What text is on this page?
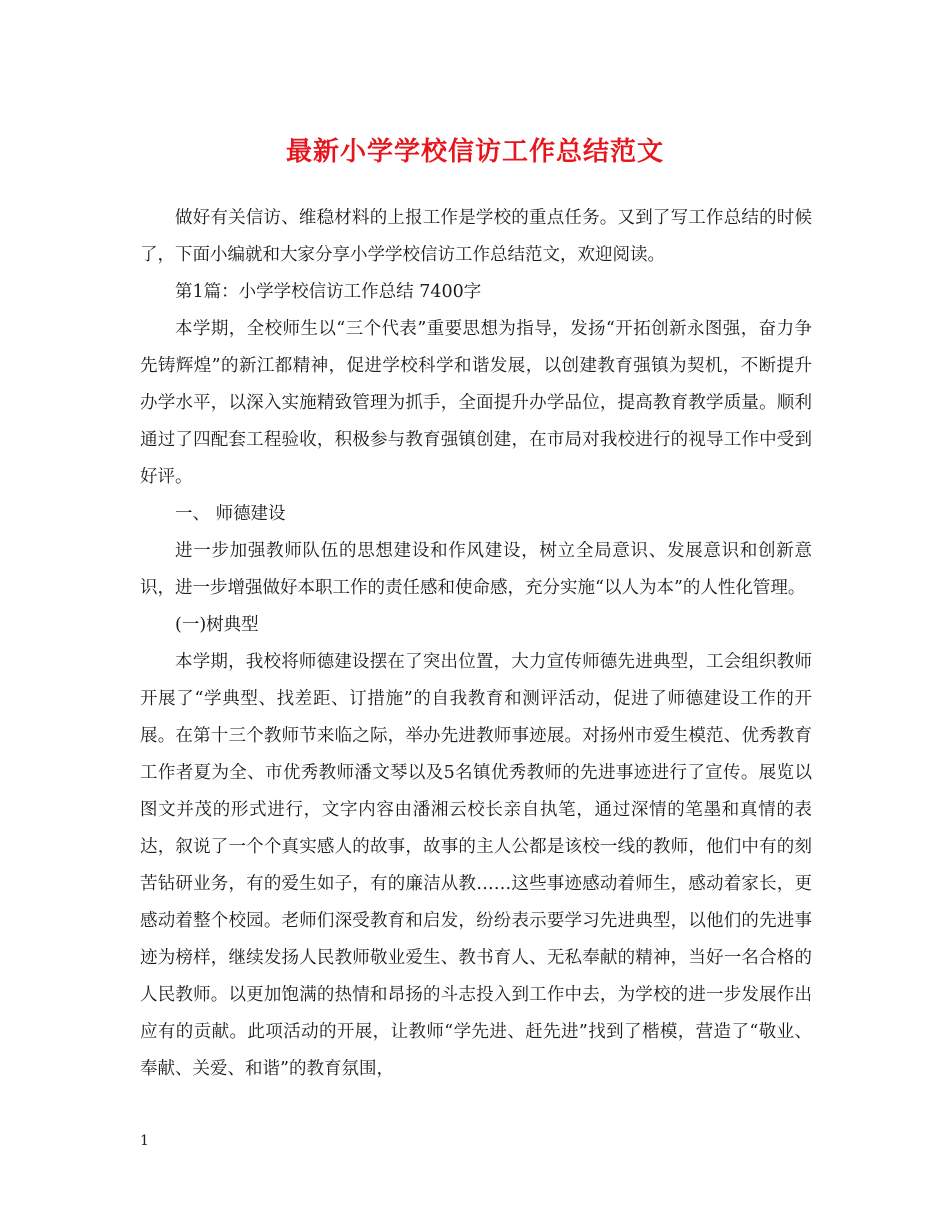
最新小学学校信访工作总结范文

做好有关信访、维稳材料的上报工作是学校的重点任务。又到了写工作总结的时候了，下面小编就和大家分享小学学校信访工作总结范文，欢迎阅读。

第1篇：小学学校信访工作总结 7400字

本学期，全校师生以“三个代表”重要思想为指导，发扬“开拓创新永图强，奋力争先铸辉煌”的新江都精神，促进学校科学和谐发展，以创建教育强镇为契机，不断提升办学水平，以深入实施精致管理为抓手，全面提升办学品位，提高教育教学质量。顺利通过了四配套工程验收，积极参与教育强镇创建，在市局对我校进行的视导工作中受到好评。

一、 师德建设

进一步加强教师队伍的思想建设和作风建设，树立全局意识、发展意识和创新意识，进一步增强做好本职工作的责任感和使命感，充分实施“以人为本”的人性化管理。

(一)树典型

本学期，我校将师德建设摆在了突出位置，大力宣传师德先进典型，工会组织教师开展了“学典型、找差距、订措施”的自我教育和测评活动，促进了师德建设工作的开展。在第十三个教师节来临之际，举办先进教师事迹展。对扬州市爱生模范、优秀教育工作者夏为全、市优秀教师潘文琴以及5名镇优秀教师的先进事迹进行了宣传。展览以图文并茂的形式进行，文字内容由潘湘云校长亲自执笔，通过深情的笔墨和真情的表达，叙说了一个个真实感人的故事，故事的主人公都是该校一线的教师，他们中有的刻苦钻研业务，有的爱生如子，有的廉洁从教……这些事迹感动着师生，感动着家长，更感动着整个校园。老师们深受教育和启发，纷纷表示要学习先进典型，以他们的先进事迹为榜样，继续发扬人民教师敬业爱生、教书育人、无私奉献的精神，当好一名合格的人民教师。以更加饱满的热情和昂扬的斗志投入到工作中去，为学校的进一步发展作出应有的贡献。此项活动的开展，让教师“学先进、赶先进”找到了楷模，营造了“敬业、奉献、关爱、和谐”的教育氛围，

1
